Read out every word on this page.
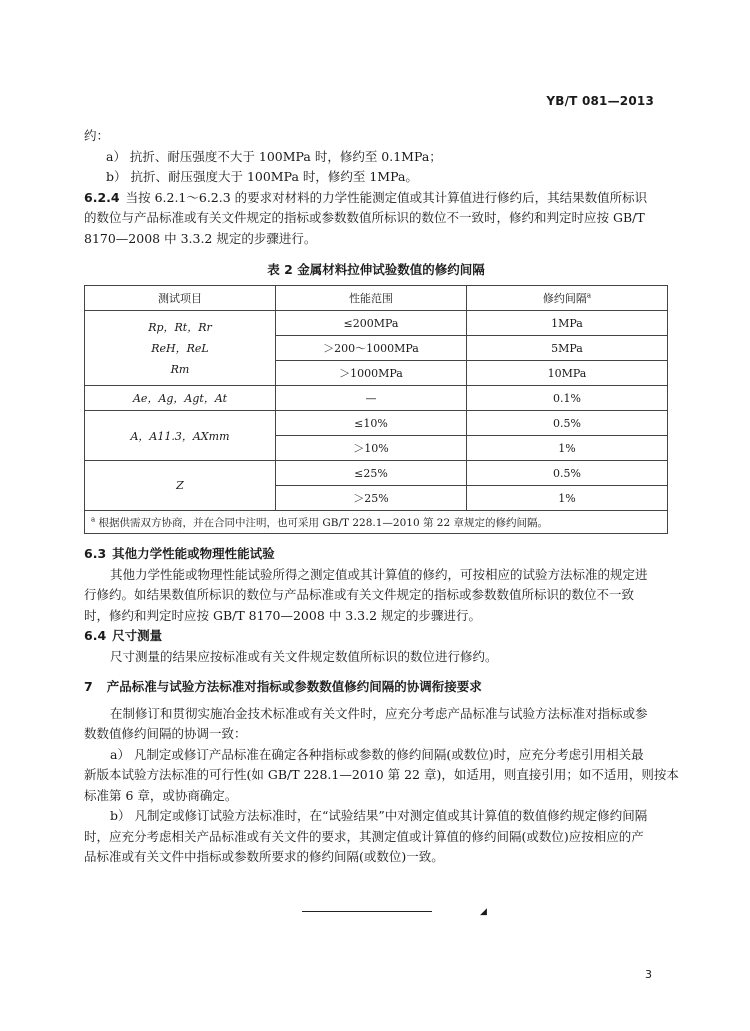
YB/T 081—2013
约：
a） 抗折、耐压强度不大于 100MPa 时，修约至 0.1MPa；
b） 抗折、耐压强度大于 100MPa 时，修约至 1MPa。
6.2.4 当按 6.2.1～6.2.3 的要求对材料的力学性能测定值或其计算值进行修约后，其结果数值所标识
的数位与产品标准或有关文件规定的指标或参数数值所标识的数位不一致时，修约和判定时应按 GB/T
8170—2008 中 3.3.2 规定的步骤进行。
表 2 金属材料拉伸试验数值的修约间隔
测试项目	性能范围	修约间隔$^a$

Rp，Rt，Rr
ReH，ReL
Rm	≤200MPa	1MPa
	＞200～1000MPa	5MPa
	＞1000MPa	10MPa
Ae，Ag，Agt，At	—	0.1%
A，A11.3，AXmm	≤10%	0.5%
	＞10%	1%
Z	≤25%	0.5%
	＞25%	1%
$^a$ 根据供需双方协商，并在合同中注明，也可采用 GB/T 228.1—2010 第 22 章规定的修约间隔。		
6.3 其他力学性能或物理性能试验
其他力学性能或物理性能试验所得之测定值或其计算值的修约，可按相应的试验方法标准的规定进
行修约。如结果数值所标识的数位与产品标准或有关文件规定的指标或参数数值所标识的数位不一致
时，修约和判定时应按 GB/T 8170—2008 中 3.3.2 规定的步骤进行。
6.4 尺寸测量
尺寸测量的结果应按标准或有关文件规定数值所标识的数位进行修约。
7 产品标准与试验方法标准对指标或参数数值修约间隔的协调衔接要求
在制修订和贯彻实施冶金技术标准或有关文件时，应充分考虑产品标准与试验方法标准对指标或参
数数值修约间隔的协调一致：
a） 凡制定或修订产品标准在确定各种指标或参数的修约间隔(或数位)时，应充分考虑引用相关最
新版本试验方法标准的可行性(如 GB/T 228.1—2010 第 22 章)，如适用，则直接引用；如不适用，则按本
标准第 6 章，或协商确定。
b） 凡制定或修订试验方法标准时，在“试验结果”中对测定值或其计算值的数值修约规定修约间隔
时，应充分考虑相关产品标准或有关文件的要求，其测定值或计算值的修约间隔(或数位)应按相应的产
品标准或有关文件中指标或参数所要求的修约间隔(或数位)一致。
◢
3
